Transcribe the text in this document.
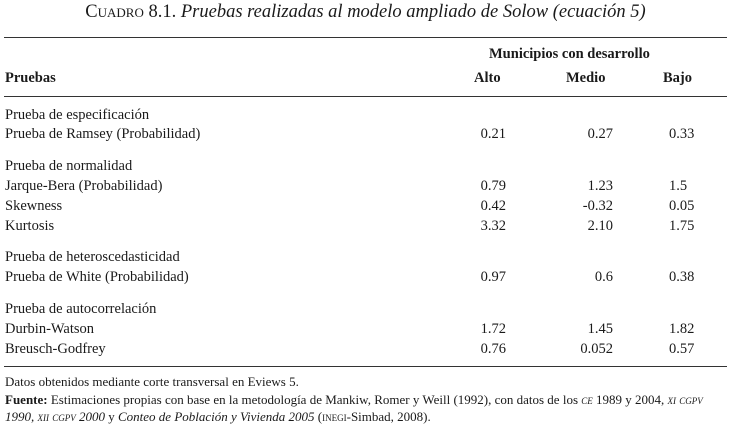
Cuadro 8.1. Pruebas realizadas al modelo ampliado de Solow (ecuación 5)
Municipios con desarrollo
Pruebas	Alto	Medio	Bajo
Prueba de especificación
Prueba de Ramsey (Probabilidad)	0.21	0.27	0.33
Prueba de normalidad
Jarque-Bera (Probabilidad)	0.79	1.23	1.5
Skewness	0.42	-0.32	0.05
Kurtosis	3.32	2.10	1.75
Prueba de heteroscedasticidad
Prueba de White (Probabilidad)	0.97	0.6	0.38
Prueba de autocorrelación
Durbin-Watson	1.72	1.45	1.82
Breusch-Godfrey	0.76	0.052	0.57

Datos obtenidos mediante corte transversal en Eviews 5.

Fuente: Estimaciones propias con base en la metodología de Mankiw, Romer y Weill (1992), con datos de los ce 1989 y 2004, xi cgpv 1990, xii cgpv 2000 y Conteo de Población y Vivienda 2005 (inegi-Simbad, 2008).
